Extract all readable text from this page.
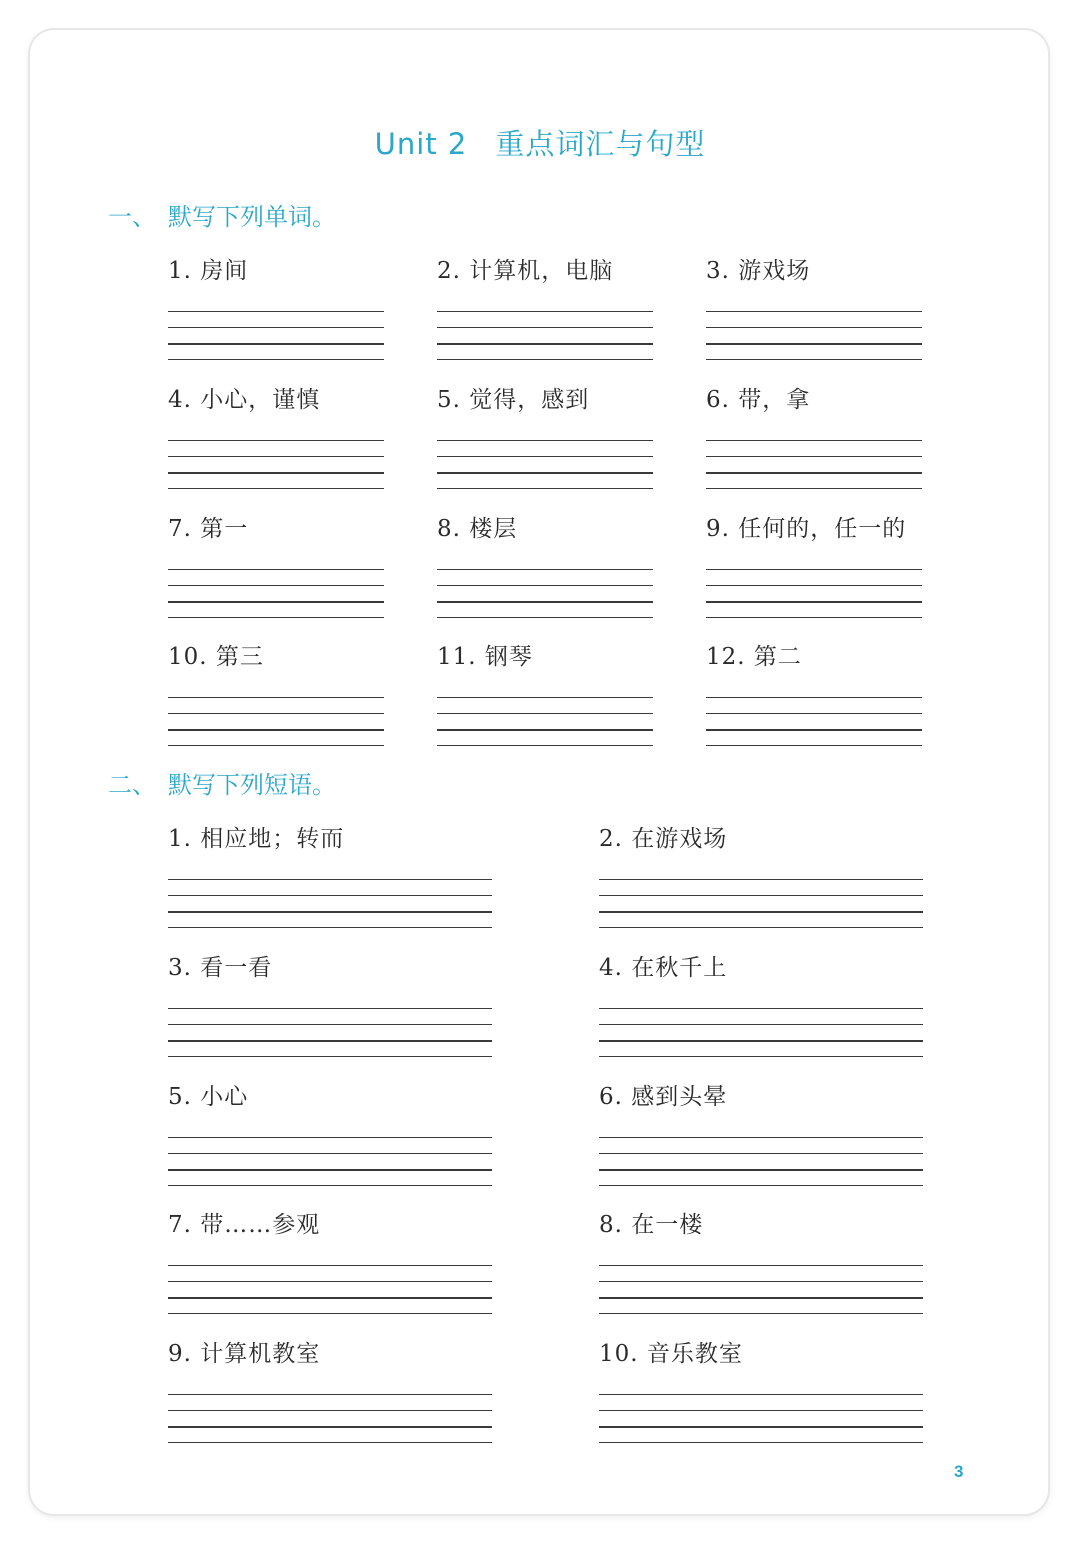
Unit 2 重点词汇与句型
一、 默写下列单词。
1. 房间	2. 计算机，电脑	3. 游戏场
4. 小心，谨慎	5. 觉得，感到	6. 带，拿
7. 第一	8. 楼层	9. 任何的，任一的
10. 第三	11. 钢琴	12. 第二
二、 默写下列短语。
1. 相应地；转而	2. 在游戏场
3. 看一看	4. 在秋千上
5. 小心	6. 感到头晕
7. 带……参观	8. 在一楼
9. 计算机教室	10. 音乐教室
3
